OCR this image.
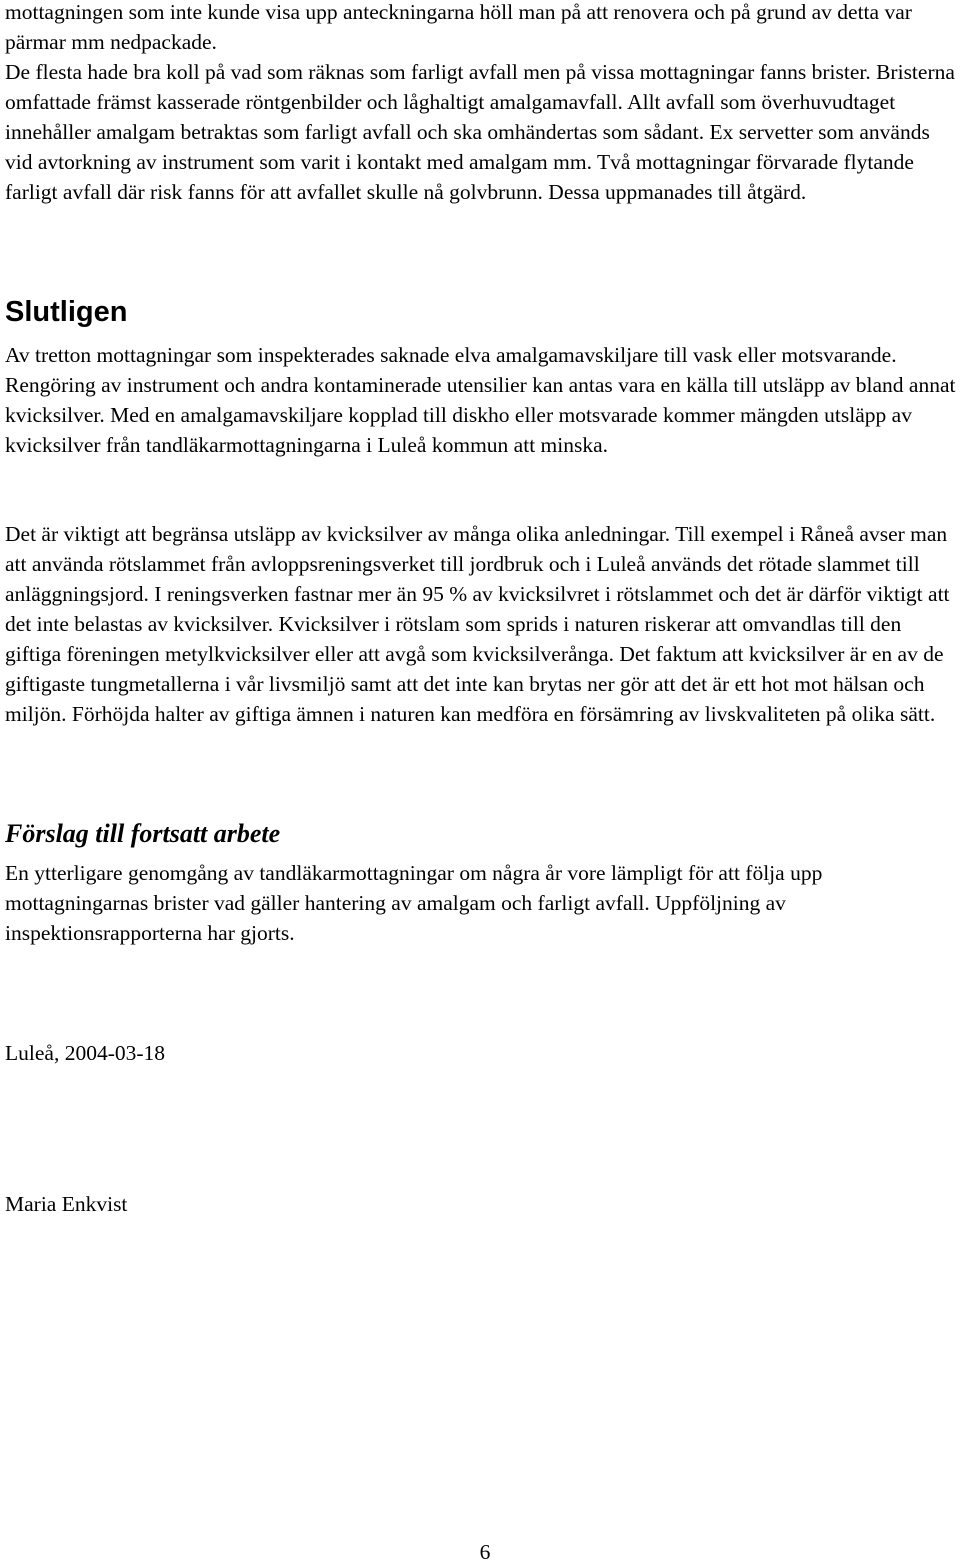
mottagningen som inte kunde visa upp anteckningarna höll man på att renovera och på grund av detta var pärmar mm nedpackade.

De flesta hade bra koll på vad som räknas som farligt avfall men på vissa mottagningar fanns brister. Bristerna omfattade främst kasserade röntgenbilder och låghaltigt amalgamavfall. Allt avfall som överhuvudtaget innehåller amalgam betraktas som farligt avfall och ska omhändertas som sådant. Ex servetter som används vid avtorkning av instrument som varit i kontakt med amalgam mm. Två mottagningar förvarade flytande farligt avfall där risk fanns för att avfallet skulle nå golvbrunn. Dessa uppmanades till åtgärd.

Slutligen

Av tretton mottagningar som inspekterades saknade elva amalgamavskiljare till vask eller motsvarande. Rengöring av instrument och andra kontaminerade utensilier kan antas vara en källa till utsläpp av bland annat kvicksilver. Med en amalgamavskiljare kopplad till diskho eller motsvarade kommer mängden utsläpp av kvicksilver från tandläkarmottagningarna i Luleå kommun att minska.

Det är viktigt att begränsa utsläpp av kvicksilver av många olika anledningar. Till exempel i Råneå avser man att använda rötslammet från avloppsreningsverket till jordbruk och i Luleå används det rötade slammet till anläggningsjord. I reningsverken fastnar mer än 95 % av kvicksilvret i rötslammet och det är därför viktigt att det inte belastas av kvicksilver. Kvicksilver i rötslam som sprids i naturen riskerar att omvandlas till den giftiga föreningen metylkvicksilver eller att avgå som kvicksilverånga. Det faktum att kvicksilver är en av de giftigaste tungmetallerna i vår livsmiljö samt att det inte kan brytas ner gör att det är ett hot mot hälsan och miljön. Förhöjda halter av giftiga ämnen i naturen kan medföra en försämring av livskvaliteten på olika sätt.

Förslag till fortsatt arbete

En ytterligare genomgång av tandläkarmottagningar om några år vore lämpligt för att följa upp mottagningarnas brister vad gäller hantering av amalgam och farligt avfall. Uppföljning av inspektionsrapporterna har gjorts.

Luleå, 2004-03-18

Maria Enkvist

6
